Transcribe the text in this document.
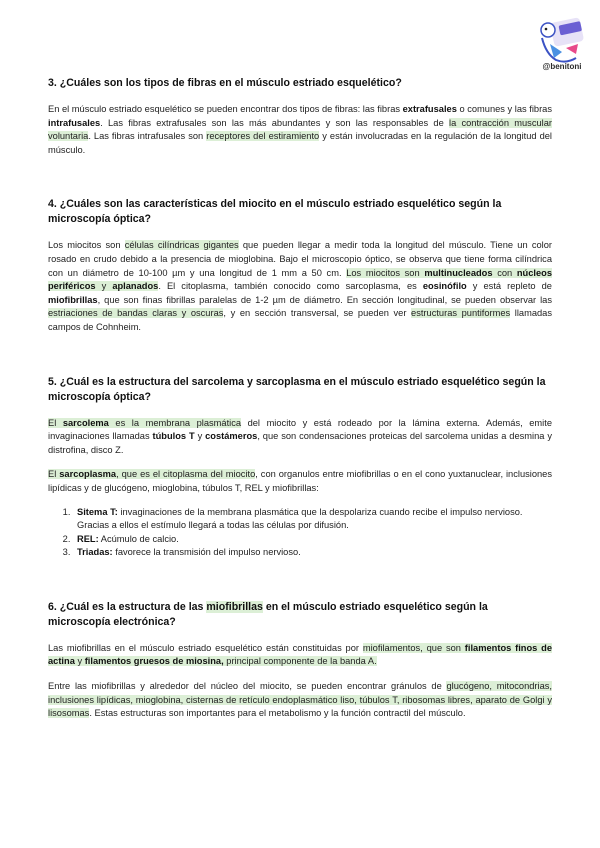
@benitoni
3. ¿Cuáles son los tipos de fibras en el músculo estriado esquelético?

En el músculo estriado esquelético se pueden encontrar dos tipos de fibras: las fibras extrafusales o comunes y las fibras intrafusales. Las fibras extrafusales son las más abundantes y son las responsables de la contracción muscular voluntaria. Las fibras intrafusales son receptores del estiramiento y están involucradas en la regulación de la longitud del músculo.

4. ¿Cuáles son las características del miocito en el músculo estriado esquelético según la microscopía óptica?

Los miocitos son células cilíndricas gigantes que pueden llegar a medir toda la longitud del músculo. Tiene un color rosado en crudo debido a la presencia de mioglobina. Bajo el microscopio óptico, se observa que tiene forma cilíndrica con un diámetro de 10-100 µm y una longitud de 1 mm a 50 cm. Los miocitos son multinucleados con núcleos periféricos y aplanados. El citoplasma, también conocido como sarcoplasma, es eosinófilo y está repleto de miofibrillas, que son finas fibrillas paralelas de 1-2 µm de diámetro. En sección longitudinal, se pueden observar las estriaciones de bandas claras y oscuras, y en sección transversal, se pueden ver estructuras puntiformes llamadas campos de Cohnheim.

5. ¿Cuál es la estructura del sarcolema y sarcoplasma en el músculo estriado esquelético según la microscopía óptica?

El sarcolema es la membrana plasmática del miocito y está rodeado por la lámina externa. Además, emite invaginaciones llamadas túbulos T y costámeros, que son condensaciones proteicas del sarcolema unidas a desmina y distrofina, disco Z.

El sarcoplasma, que es el citoplasma del miocito, con organulos entre miofibrillas o en el cono yuxtanuclear, inclusiones lipídicas y de glucógeno, mioglobina, túbulos T, REL y miofibrillas:

1. Sitema T: invaginaciones de la membrana plasmática que la despolariza cuando recibe el impulso nervioso. Gracias a ellos el estímulo llegará a todas las células por difusión.
2. REL: Acúmulo de calcio.
3. Triadas: favorece la transmisión del impulso nervioso.
6. ¿Cuál es la estructura de las miofibrillas en el músculo estriado esquelético según la microscopía electrónica?

Las miofibrillas en el músculo estriado esquelético están constituidas por miofilamentos, que son filamentos finos de actina y filamentos gruesos de miosina, principal componente de la banda A.

Entre las miofibrillas y alrededor del núcleo del miocito, se pueden encontrar gránulos de glucógeno, mitocondrias, inclusiones lipídicas, mioglobina, cisternas de retículo endoplasmático liso, túbulos T, ribosomas libres, aparato de Golgi y lisosomas. Estas estructuras son importantes para el metabolismo y la función contractil del músculo.
